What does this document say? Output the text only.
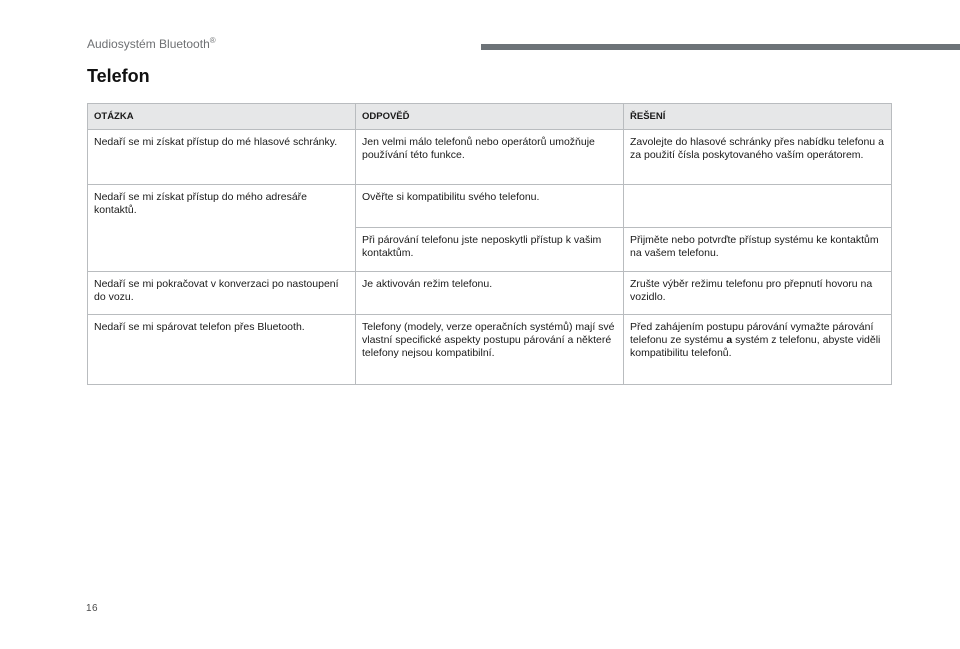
Audiosystém Bluetooth®
Telefon
OTÁZKA	ODPOVĚĎ	ŘEŠENÍ
Nedaří se mi získat přístup do mé hlasové schránky.	Jen velmi málo telefonů nebo operátorů umožňuje používání této funkce.	Zavolejte do hlasové schránky přes nabídku telefonu a za použití čísla poskytovaného vaším operátorem.
Nedaří se mi získat přístup do mého adresáře kontaktů.	Ověřte si kompatibilitu svého telefonu.	
	Při párování telefonu jste neposkytli přístup k vašim kontaktům.	Přijměte nebo potvrďte přístup systému ke kontaktům na vašem telefonu.
Nedaří se mi pokračovat v konverzaci po nastoupení do vozu.	Je aktivován režim telefonu.	Zrušte výběr režimu telefonu pro přepnutí hovoru na vozidlo.
Nedaří se mi spárovat telefon přes Bluetooth.	Telefony (modely, verze operačních systémů) mají své vlastní specifické aspekty postupu párování a některé telefony nejsou kompatibilní.	Před zahájením postupu párování vymažte párování telefonu ze systému a systém z telefonu, abyste viděli kompatibilitu telefonů.
16
